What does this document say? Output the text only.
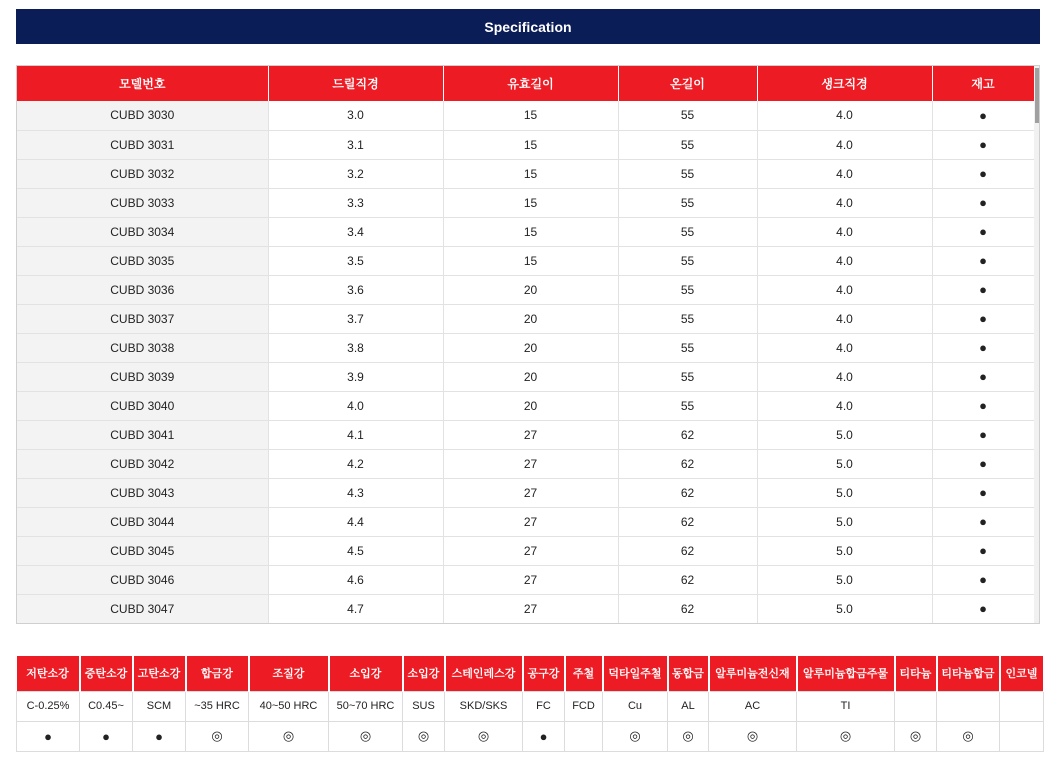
Specification
모델번호	드릴직경	유효길이	온길이	생크직경	재고
CUBD 3030	3.0	15	55	4.0	●
CUBD 3031	3.1	15	55	4.0	●
CUBD 3032	3.2	15	55	4.0	●
CUBD 3033	3.3	15	55	4.0	●
CUBD 3034	3.4	15	55	4.0	●
CUBD 3035	3.5	15	55	4.0	●
CUBD 3036	3.6	20	55	4.0	●
CUBD 3037	3.7	20	55	4.0	●
CUBD 3038	3.8	20	55	4.0	●
CUBD 3039	3.9	20	55	4.0	●
CUBD 3040	4.0	20	55	4.0	●
CUBD 3041	4.1	27	62	5.0	●
CUBD 3042	4.2	27	62	5.0	●
CUBD 3043	4.3	27	62	5.0	●
CUBD 3044	4.4	27	62	5.0	●
CUBD 3045	4.5	27	62	5.0	●
CUBD 3046	4.6	27	62	5.0	●
CUBD 3047	4.7	27	62	5.0	●
저탄소강	중탄소강	고탄소강	합금강	조질강	소입강	소입강	스테인레스강	공구강	주철	덕타일주철	동합금	알루미늄전신재	알루미늄합금주물	티타늄	티타늄합금	인코넬
C-0.25%	C0.45~	SCM	~35 HRC	40~50 HRC	50~70 HRC	SUS	SKD/SKS	FC	FCD	Cu	AL	AC	TI			
●	●	●	◎	◎	◎	◎	◎	●		◎	◎	◎	◎	◎	◎	
